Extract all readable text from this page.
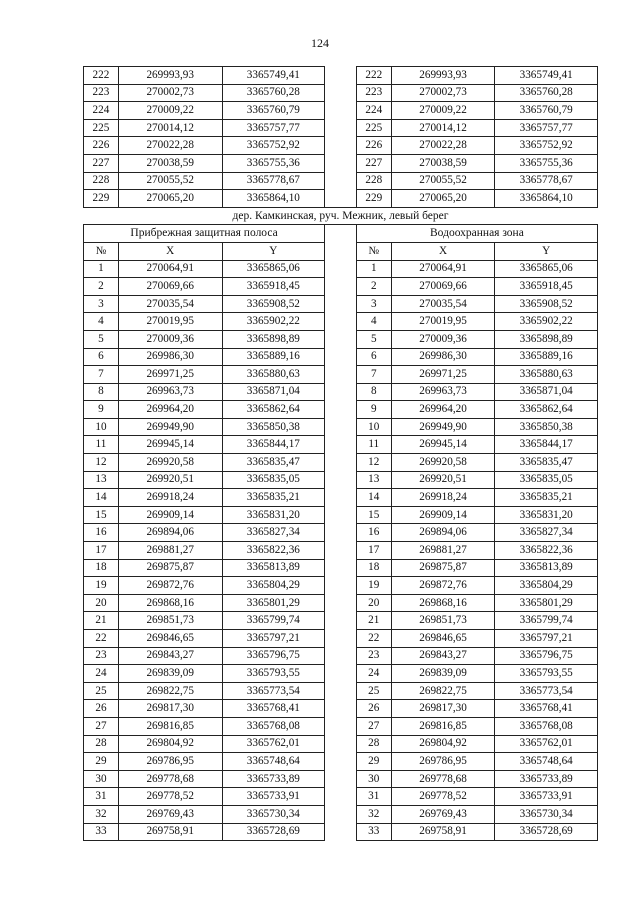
124
222	269993,93	3365749,41		222	269993,93	3365749,41
223	270002,73	3365760,28		223	270002,73	3365760,28
224	270009,22	3365760,79		224	270009,22	3365760,79
225	270014,12	3365757,77		225	270014,12	3365757,77
226	270022,28	3365752,92		226	270022,28	3365752,92
227	270038,59	3365755,36		227	270038,59	3365755,36
228	270055,52	3365778,67		228	270055,52	3365778,67
229	270065,20	3365864,10		229	270065,20	3365864,10
дер. Камкинская, руч. Межник, левый берег						
Прибрежная защитная полоса				Водоохранная зона		
№	X	Y		№	X	Y
1	270064,91	3365865,06		1	270064,91	3365865,06
2	270069,66	3365918,45		2	270069,66	3365918,45
3	270035,54	3365908,52		3	270035,54	3365908,52
4	270019,95	3365902,22		4	270019,95	3365902,22
5	270009,36	3365898,89		5	270009,36	3365898,89
6	269986,30	3365889,16		6	269986,30	3365889,16
7	269971,25	3365880,63		7	269971,25	3365880,63
8	269963,73	3365871,04		8	269963,73	3365871,04
9	269964,20	3365862,64		9	269964,20	3365862,64
10	269949,90	3365850,38		10	269949,90	3365850,38
11	269945,14	3365844,17		11	269945,14	3365844,17
12	269920,58	3365835,47		12	269920,58	3365835,47
13	269920,51	3365835,05		13	269920,51	3365835,05
14	269918,24	3365835,21		14	269918,24	3365835,21
15	269909,14	3365831,20		15	269909,14	3365831,20
16	269894,06	3365827,34		16	269894,06	3365827,34
17	269881,27	3365822,36		17	269881,27	3365822,36
18	269875,87	3365813,89		18	269875,87	3365813,89
19	269872,76	3365804,29		19	269872,76	3365804,29
20	269868,16	3365801,29		20	269868,16	3365801,29
21	269851,73	3365799,74		21	269851,73	3365799,74
22	269846,65	3365797,21		22	269846,65	3365797,21
23	269843,27	3365796,75		23	269843,27	3365796,75
24	269839,09	3365793,55		24	269839,09	3365793,55
25	269822,75	3365773,54		25	269822,75	3365773,54
26	269817,30	3365768,41		26	269817,30	3365768,41
27	269816,85	3365768,08		27	269816,85	3365768,08
28	269804,92	3365762,01		28	269804,92	3365762,01
29	269786,95	3365748,64		29	269786,95	3365748,64
30	269778,68	3365733,89		30	269778,68	3365733,89
31	269778,52	3365733,91		31	269778,52	3365733,91
32	269769,43	3365730,34		32	269769,43	3365730,34
33	269758,91	3365728,69		33	269758,91	3365728,69
